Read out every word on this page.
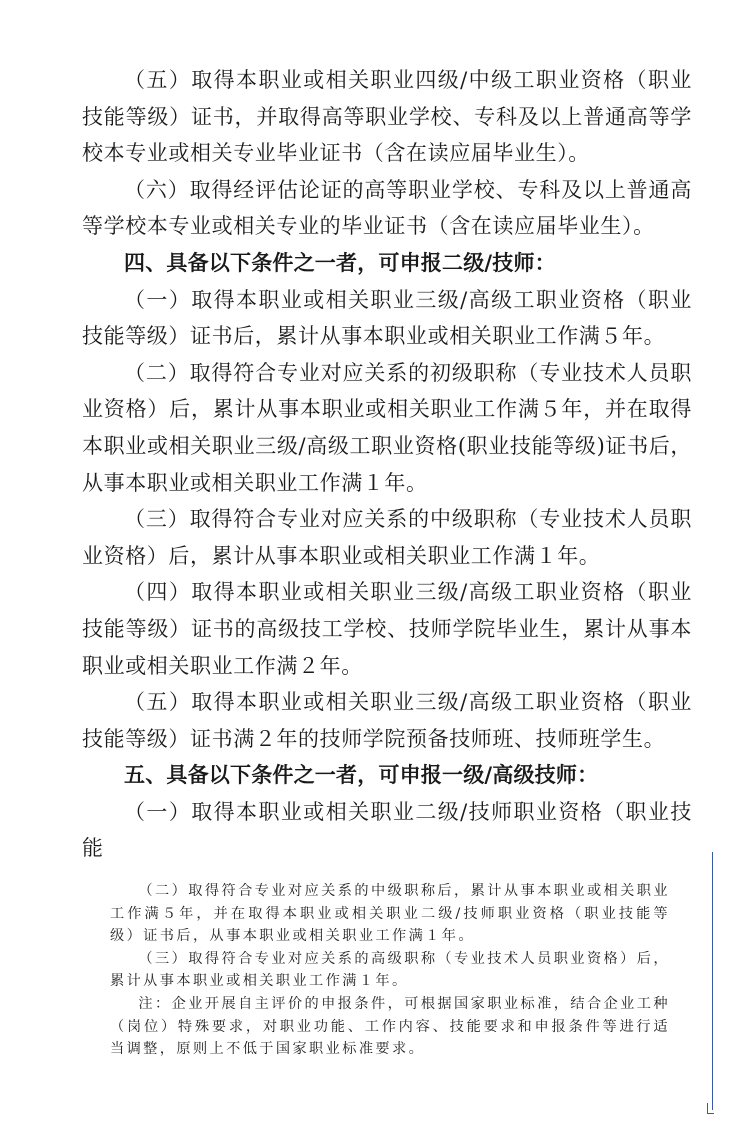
（五）取得本职业或相关职业四级/中级工职业资格（职业技能等级）证书，并取得高等职业学校、专科及以上普通高等学校本专业或相关专业毕业证书（含在读应届毕业生）。

（六）取得经评估论证的高等职业学校、专科及以上普通高等学校本专业或相关专业的毕业证书（含在读应届毕业生）。

四、具备以下条件之一者，可申报二级/技师：

（一）取得本职业或相关职业三级/高级工职业资格（职业技能等级）证书后，累计从事本职业或相关职业工作满５年。

（二）取得符合专业对应关系的初级职称（专业技术人员职业资格）后，累计从事本职业或相关职业工作满５年，并在取得本职业或相关职业三级/高级工职业资格(职业技能等级)证书后，从事本职业或相关职业工作满１年。

（三）取得符合专业对应关系的中级职称（专业技术人员职业资格）后，累计从事本职业或相关职业工作满１年。

（四）取得本职业或相关职业三级/高级工职业资格（职业技能等级）证书的高级技工学校、技师学院毕业生，累计从事本职业或相关职业工作满２年。

（五）取得本职业或相关职业三级/高级工职业资格（职业技能等级）证书满２年的技师学院预备技师班、技师班学生。

五、具备以下条件之一者，可申报一级/高级技师：

（一）取得本职业或相关职业二级/技师职业资格（职业技能

（二）取得符合专业对应关系的中级职称后，累计从事本职业或相关职业工作满５年，并在取得本职业或相关职业二级/技师职业资格（职业技能等级）证书后，从事本职业或相关职业工作满１年。

（三）取得符合专业对应关系的高级职称（专业技术人员职业资格）后，累计从事本职业或相关职业工作满１年。

注：企业开展自主评价的申报条件，可根据国家职业标准，结合企业工种（岗位）特殊要求，对职业功能、工作内容、技能要求和申报条件等进行适当调整，原则上不低于国家职业标准要求。
